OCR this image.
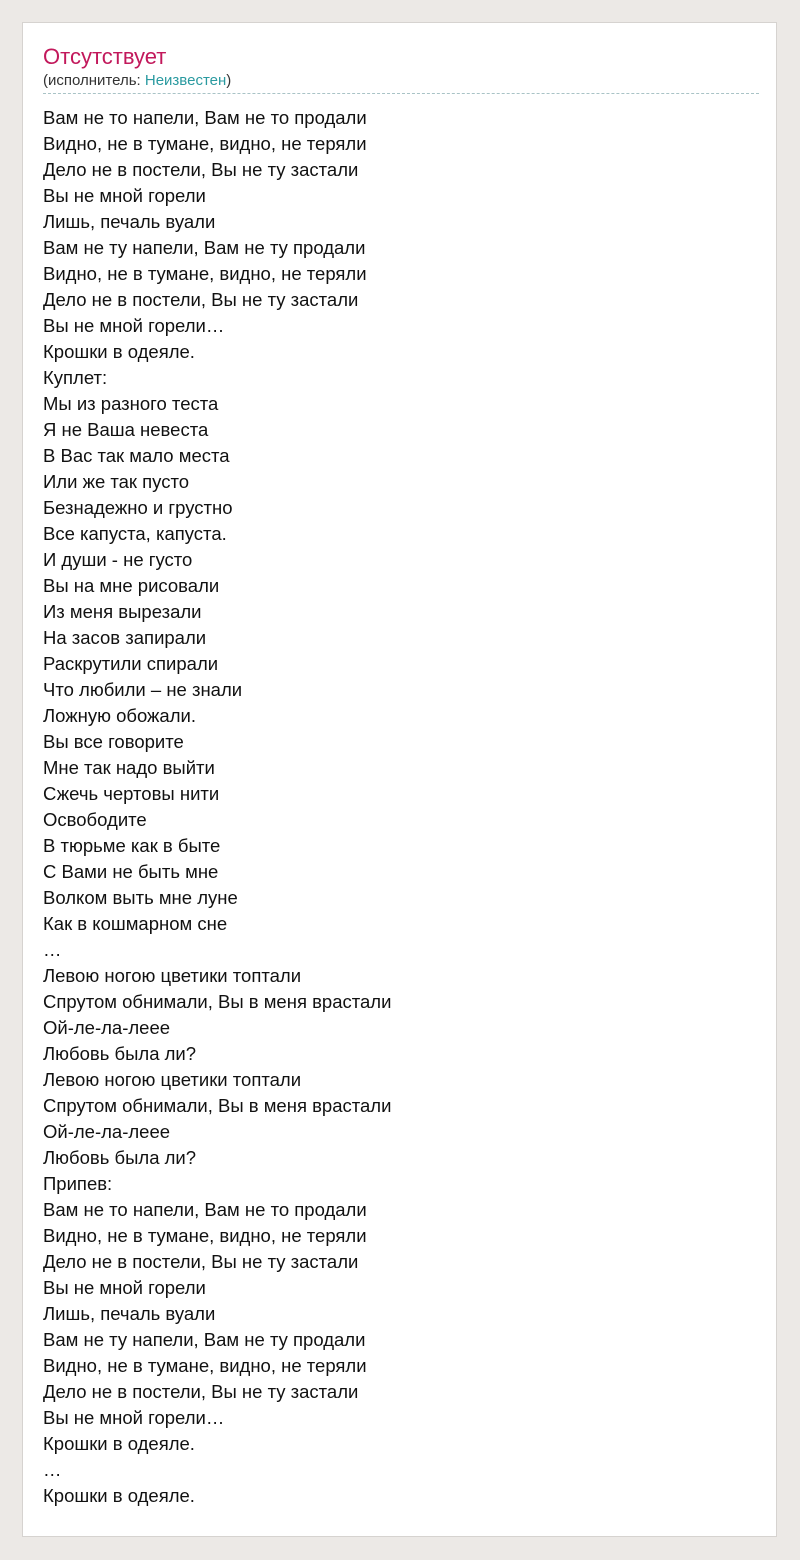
Отсутствует
(исполнитель: Неизвестен)
Вам не то напели, Вам не то продали
Видно, не в тумане, видно, не теряли
Дело не в постели, Вы не ту застали
Вы не мной горели
Лишь, печаль вуали
Вам не ту напели, Вам не ту продали
Видно, не в тумане, видно, не теряли
Дело не в постели, Вы не ту застали
Вы не мной горели…
Крошки в одеяле.
Куплет:
Мы из разного теста
Я не Ваша невеста
В Вас так мало места
Или же так пусто
Безнадежно и грустно
Все капуста, капуста.
И души - не густо
Вы на мне рисовали
Из меня вырезали
На засов запирали
Раскрутили спирали
Что любили – не знали
Ложную обожали.
Вы все говорите
Мне так надо выйти
Сжечь чертовы нити
Освободите
В тюрьме как в быте
С Вами не быть мне
Волком выть мне луне
Как в кошмарном сне
…
Левою ногою цветики топтали
Спрутом обнимали, Вы в меня врастали
Ой-ле-ла-леее
Любовь была ли?
Левою ногою цветики топтали
Спрутом обнимали, Вы в меня врастали
Ой-ле-ла-леее
Любовь была ли?
Припев:
Вам не то напели, Вам не то продали
Видно, не в тумане, видно, не теряли
Дело не в постели, Вы не ту застали
Вы не мной горели
Лишь, печаль вуали
Вам не ту напели, Вам не ту продали
Видно, не в тумане, видно, не теряли
Дело не в постели, Вы не ту застали
Вы не мной горели…
Крошки в одеяле.
…
Крошки в одеяле.
